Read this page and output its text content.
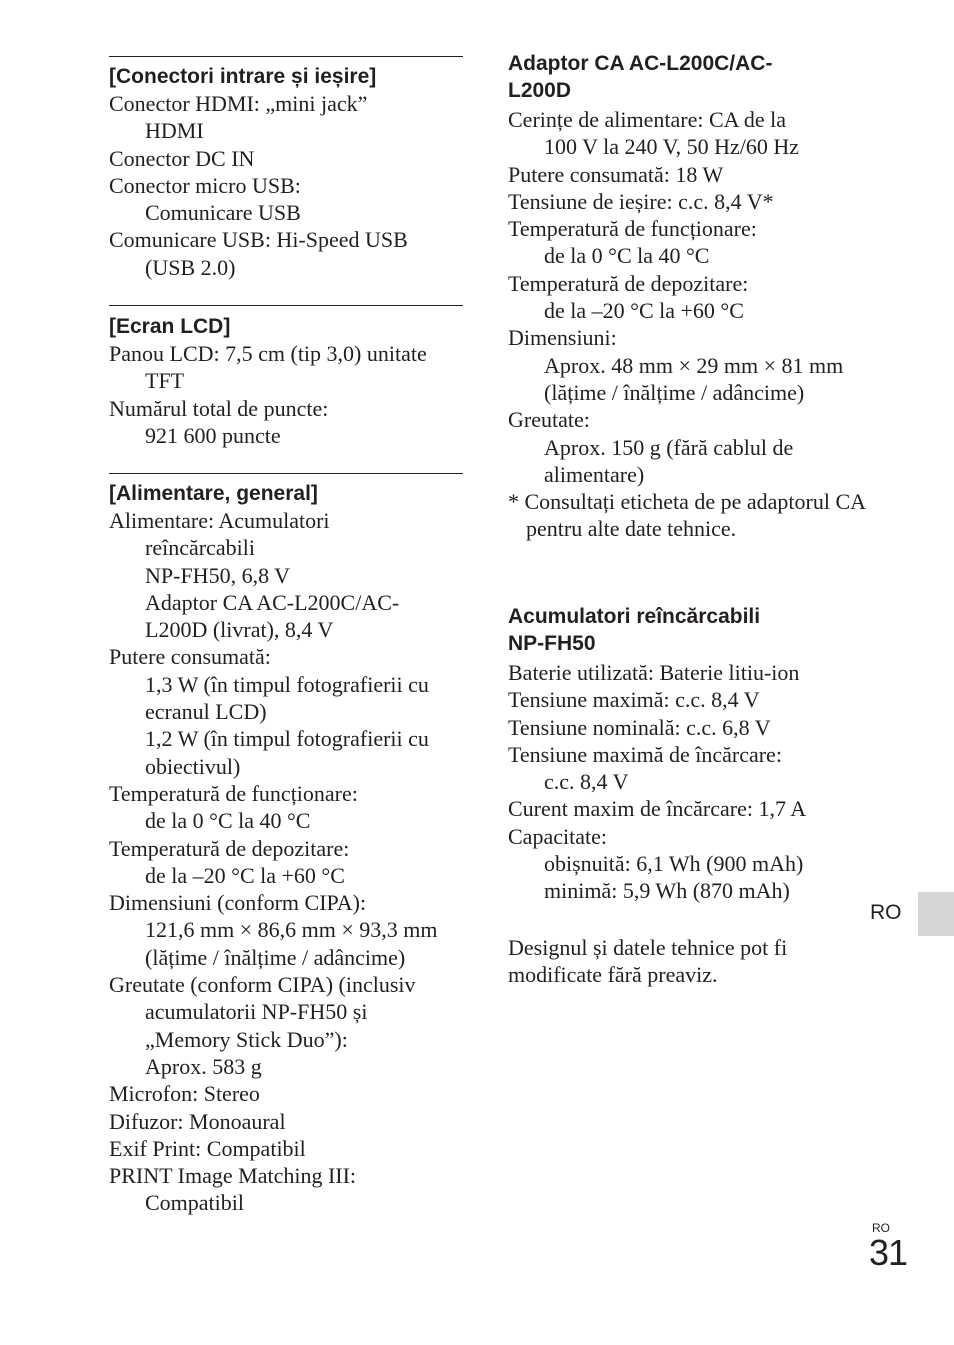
[Conectori intrare și ieșire]
Conector HDMI: „mini jack”
HDMI
Conector DC IN
Conector micro USB:
Comunicare USB
Comunicare USB: Hi-Speed USB (USB 2.0)
[Ecran LCD]
Panou LCD: 7,5 cm (tip 3,0) unitate TFT
Numărul total de puncte:
921 600 puncte
[Alimentare, general]
Alimentare: Acumulatori
reîncărcabili
NP-FH50, 6,8 V
Adaptor CA AC-L200C/AC-
L200D (livrat), 8,4 V
Putere consumată:
1,3 W (în timpul fotografierii cu
ecranul LCD)
1,2 W (în timpul fotografierii cu
obiectivul)
Temperatură de funcționare:
de la 0 °C la 40 °C
Temperatură de depozitare:
de la –20 °C la +60 °C
Dimensiuni (conform CIPA):
121,6 mm × 86,6 mm × 93,3 mm
(lățime / înălțime / adâncime)
Greutate (conform CIPA) (inclusiv
acumulatorii NP-FH50 și
„Memory Stick Duo”):
Aprox. 583 g
Microfon: Stereo
Difuzor: Monoaural
Exif Print: Compatibil
PRINT Image Matching III:
Compatibil
Adaptor CA AC-L200C/AC-
L200D
Cerințe de alimentare: CA de la
100 V la 240 V, 50 Hz/60 Hz
Putere consumată: 18 W
Tensiune de ieșire: c.c. 8,4 V*
Temperatură de funcționare:
de la 0 °C la 40 °C
Temperatură de depozitare:
de la –20 °C la +60 °C
Dimensiuni:
Aprox. 48 mm × 29 mm × 81 mm
(lățime / înălțime / adâncime)
Greutate:
Aprox. 150 g (fără cablul de
alimentare)
* Consultați eticheta de pe adaptorul CA pentru alte date tehnice.
Acumulatori reîncărcabili
NP-FH50
Baterie utilizată: Baterie litiu-ion
Tensiune maximă: c.c. 8,4 V
Tensiune nominală: c.c. 6,8 V
Tensiune maximă de încărcare:
c.c. 8,4 V
Curent maxim de încărcare: 1,7 A
Capacitate:
obișnuită: 6,1 Wh (900 mAh)
minimă: 5,9 Wh (870 mAh)
Designul și datele tehnice pot fi modificate fără preaviz.
RO
RO
31
